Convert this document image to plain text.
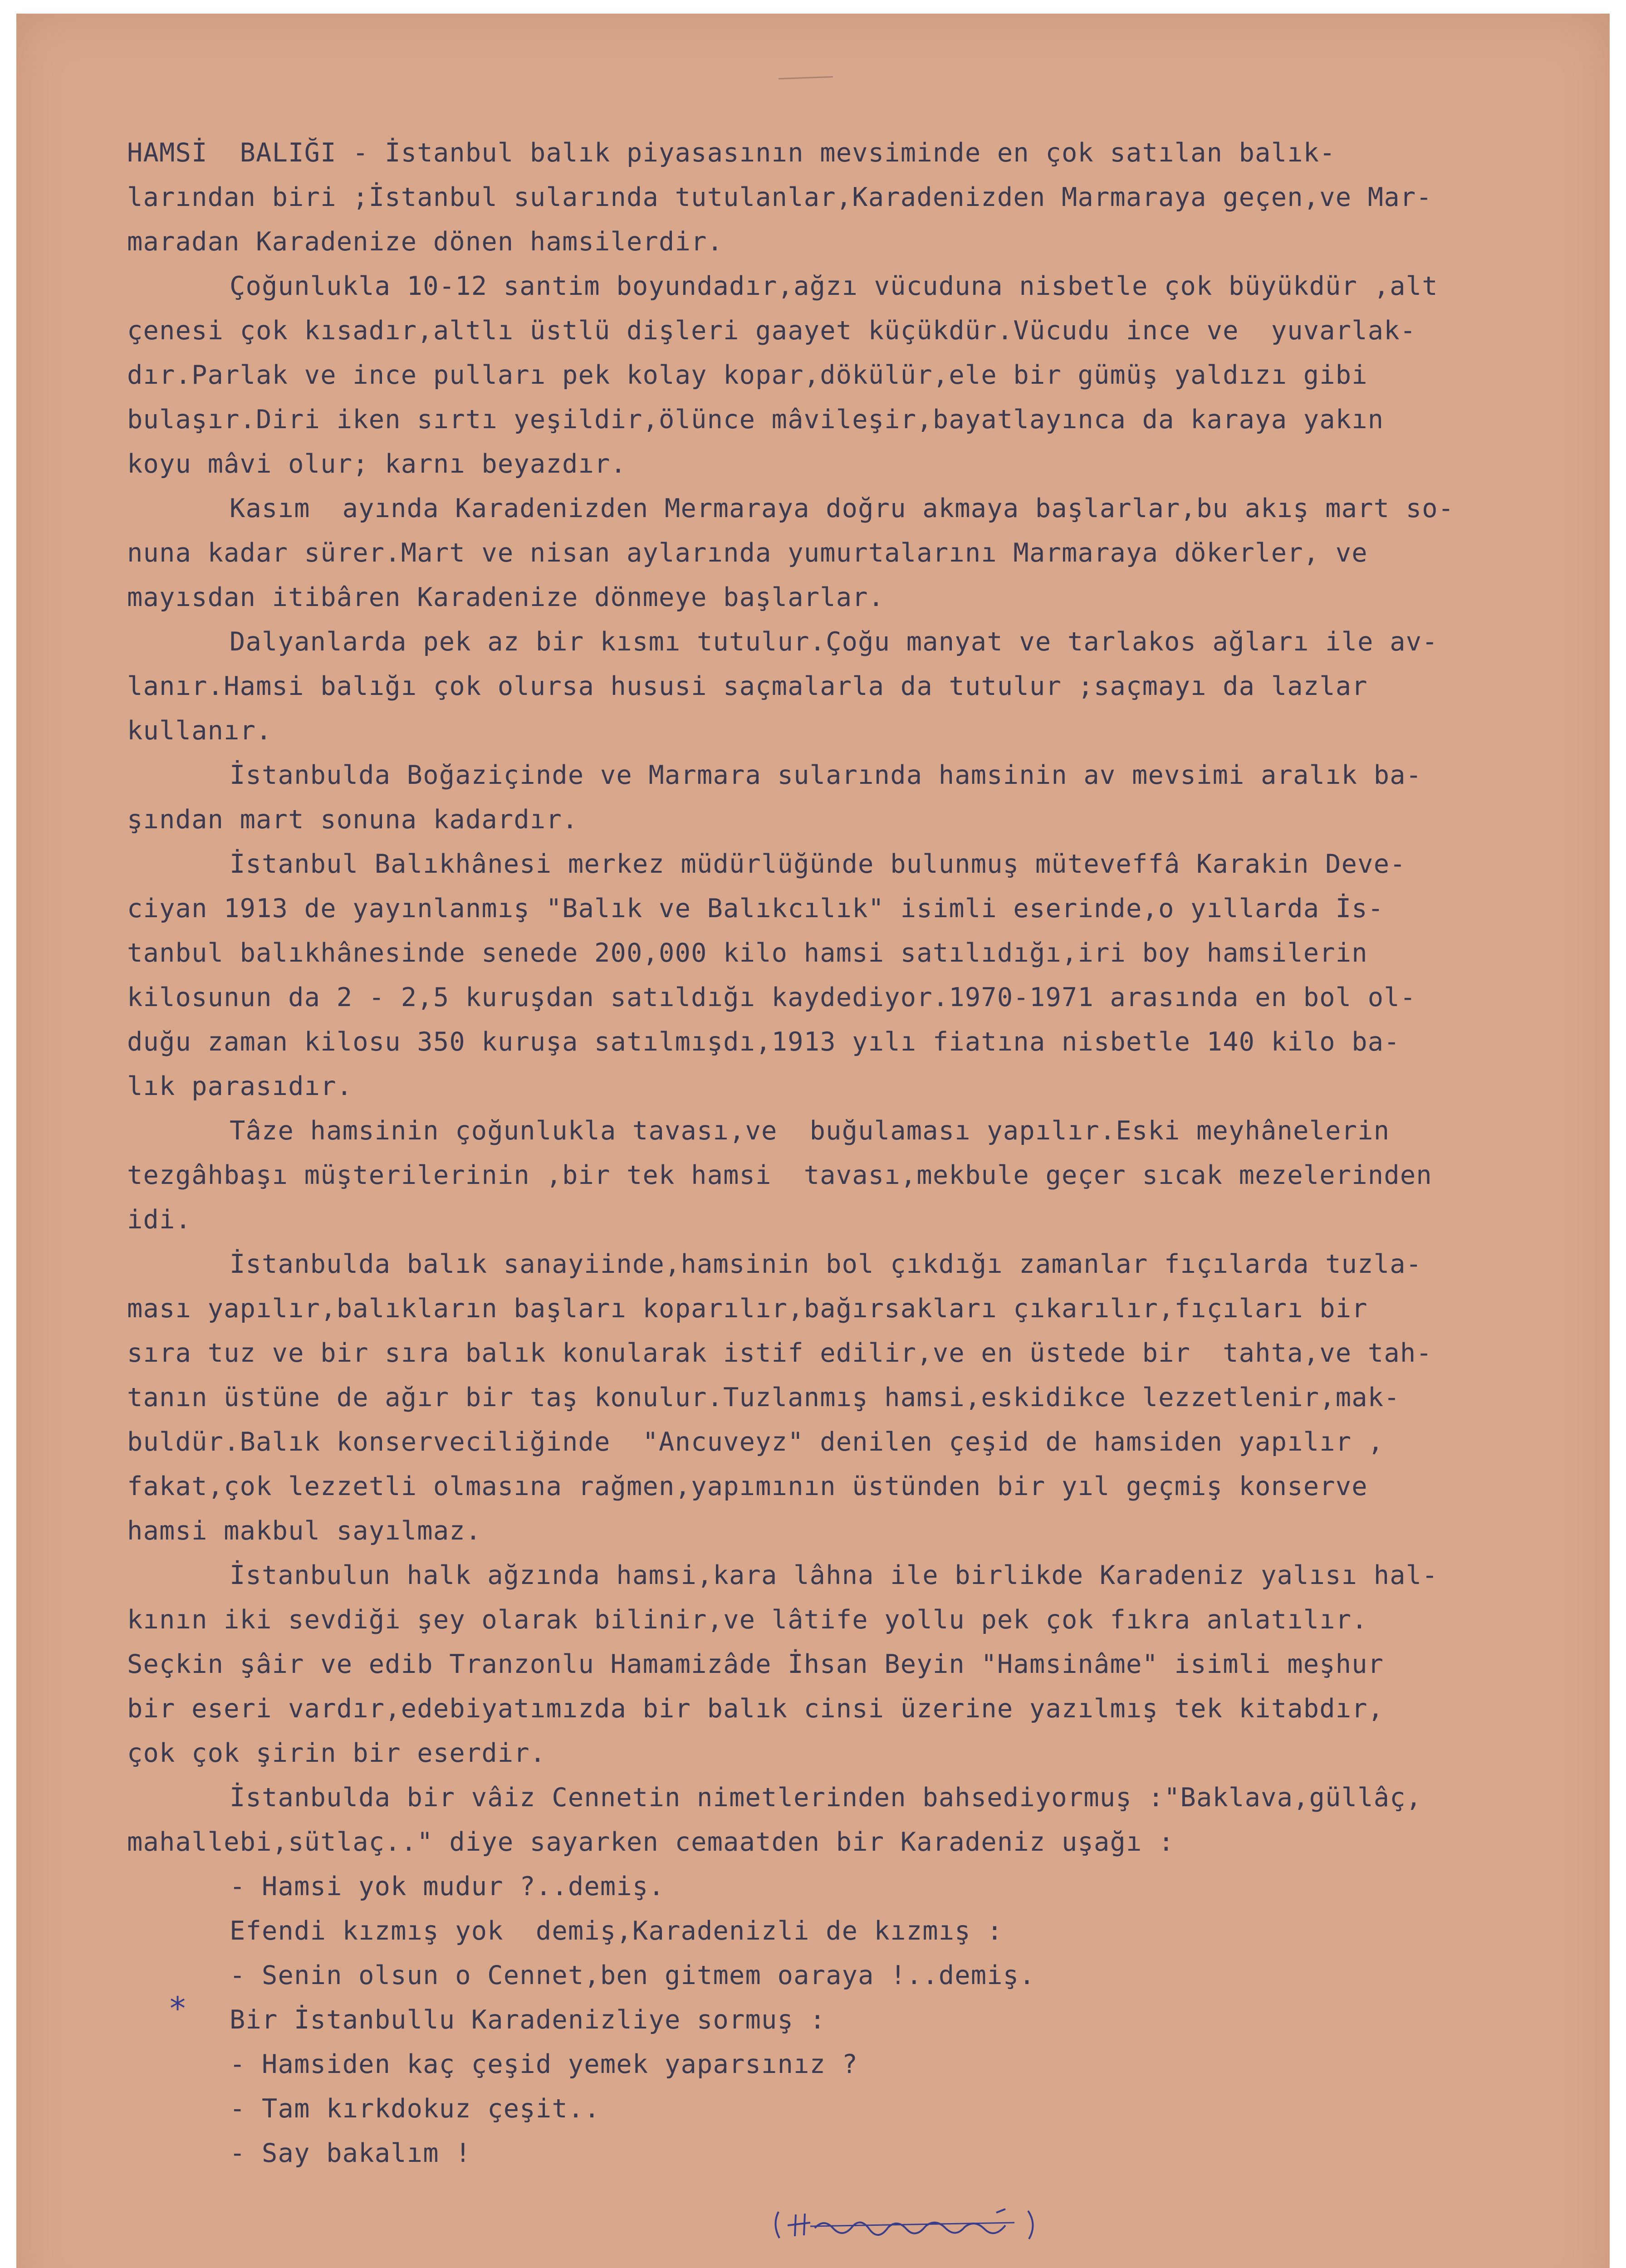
HAMSİ  BALIĞI - İstanbul balık piyasasının mevsiminde en çok satılan balık-
larından biri ;İstanbul sularında tutulanlar,Karadenizden Marmaraya geçen,ve Mar-
maradan Karadenize dönen hamsilerdir.
Çoğunlukla 10-12 santim boyundadır,ağzı vücuduna nisbetle çok büyükdür ,alt
çenesi çok kısadır,altlı üstlü dişleri gaayet küçükdür.Vücudu ince ve  yuvarlak-
dır.Parlak ve ince pulları pek kolay kopar,dökülür,ele bir gümüş yaldızı gibi
bulaşır.Diri iken sırtı yeşildir,ölünce mâvileşir,bayatlayınca da karaya yakın
koyu mâvi olur; karnı beyazdır.
Kasım  ayında Karadenizden Mermaraya doğru akmaya başlarlar,bu akış mart so-
nuna kadar sürer.Mart ve nisan aylarında yumurtalarını Marmaraya dökerler, ve
mayısdan itibâren Karadenize dönmeye başlarlar.
Dalyanlarda pek az bir kısmı tutulur.Çoğu manyat ve tarlakos ağları ile av-
lanır.Hamsi balığı çok olursa hususi saçmalarla da tutulur ;saçmayı da lazlar
kullanır.
İstanbulda Boğaziçinde ve Marmara sularında hamsinin av mevsimi aralık ba-
şından mart sonuna kadardır.
İstanbul Balıkhânesi merkez müdürlüğünde bulunmuş müteveffâ Karakin Deve-
ciyan 1913 de yayınlanmış "Balık ve Balıkcılık" isimli eserinde,o yıllarda İs-
tanbul balıkhânesinde senede 200,000 kilo hamsi satılıdığı,iri boy hamsilerin
kilosunun da 2 - 2,5 kuruşdan satıldığı kaydediyor.1970-1971 arasında en bol ol-
duğu zaman kilosu 350 kuruşa satılmışdı,1913 yılı fiatına nisbetle 140 kilo ba-
lık parasıdır.
Tâze hamsinin çoğunlukla tavası,ve  buğulaması yapılır.Eski meyhânelerin
tezgâhbaşı müşterilerinin ,bir tek hamsi  tavası,mekbule geçer sıcak mezelerinden
idi.
İstanbulda balık sanayiinde,hamsinin bol çıkdığı zamanlar fıçılarda tuzla-
ması yapılır,balıkların başları koparılır,bağırsakları çıkarılır,fıçıları bir
sıra tuz ve bir sıra balık konularak istif edilir,ve en üstede bir  tahta,ve tah-
tanın üstüne de ağır bir taş konulur.Tuzlanmış hamsi,eskidikce lezzetlenir,mak-
buldür.Balık konserveciliğinde  "Ancuveyz" denilen çeşid de hamsiden yapılır ,
fakat,çok lezzetli olmasına rağmen,yapımının üstünden bir yıl geçmiş konserve
hamsi makbul sayılmaz.
İstanbulun halk ağzında hamsi,kara lâhna ile birlikde Karadeniz yalısı hal-
kının iki sevdiği şey olarak bilinir,ve lâtife yollu pek çok fıkra anlatılır.
Seçkin şâir ve edib Tranzonlu Hamamizâde İhsan Beyin "Hamsinâme" isimli meşhur
bir eseri vardır,edebiyatımızda bir balık cinsi üzerine yazılmış tek kitabdır,
çok çok şirin bir eserdir.
İstanbulda bir vâiz Cennetin nimetlerinden bahsediyormuş :"Baklava,güllâç,
mahallebi,sütlaç.." diye sayarken cemaatden bir Karadeniz uşağı :
- Hamsi yok mudur ?..demiş.
Efendi kızmış yok  demiş,Karadenizli de kızmış :
- Senin olsun o Cennet,ben gitmem oaraya !..demiş.
Bir İstanbullu Karadenizliye sormuş :
- Hamsiden kaç çeşid yemek yaparsınız ?
- Tam kırkdokuz çeşit..
- Say bakalım !
*
